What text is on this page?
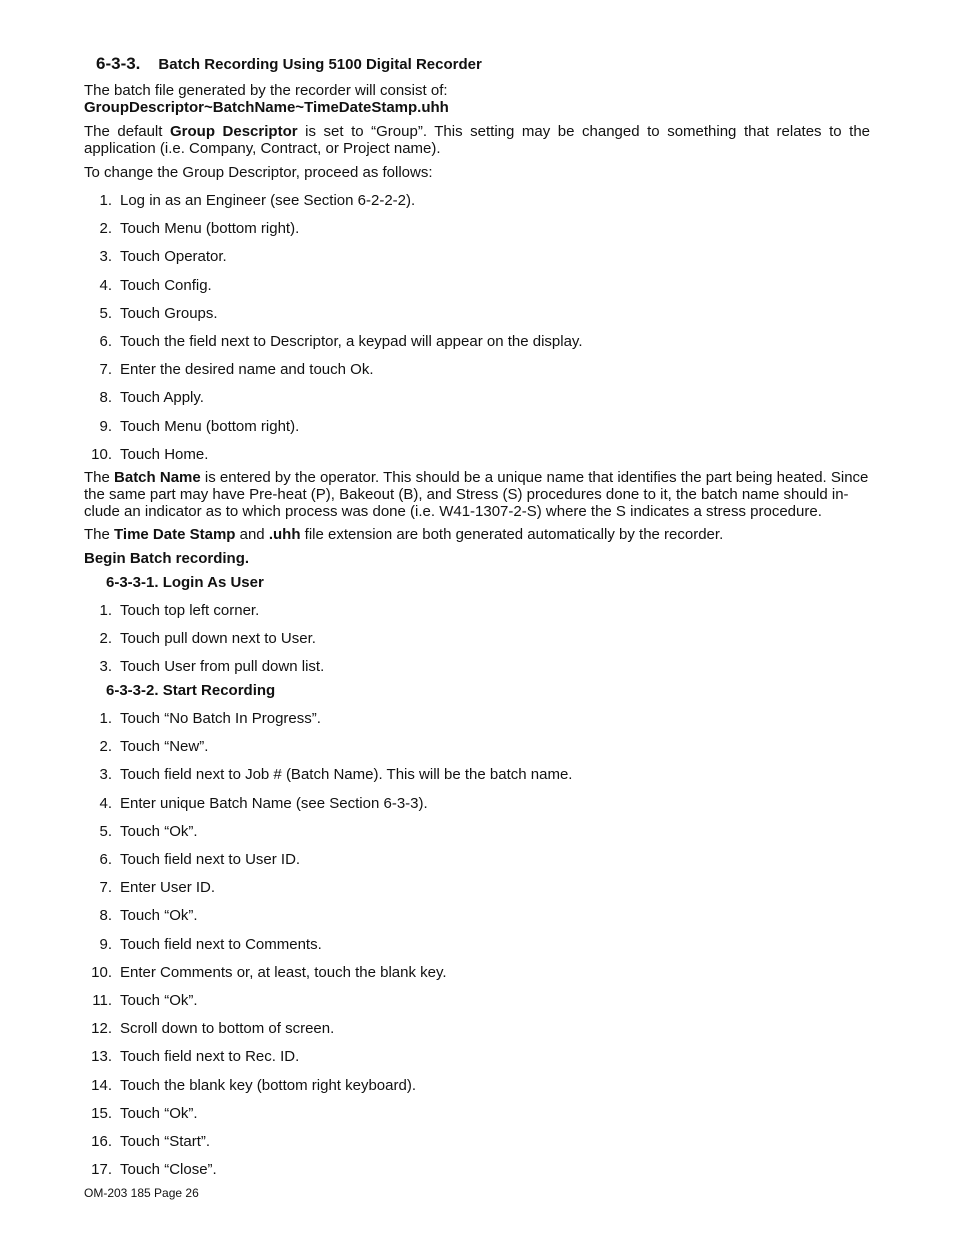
6-3-3. Batch Recording Using 5100 Digital Recorder
The batch file generated by the recorder will consist of:
GroupDescriptor~BatchName~TimeDateStamp.uhh
The default Group Descriptor is set to “Group”. This setting may be changed to something that relates to the application (i.e. Company, Contract, or Project name).
To change the Group Descriptor, proceed as follows:
1. Log in as an Engineer (see Section 6-2-2-2).
2. Touch Menu (bottom right).
3. Touch Operator.
4. Touch Config.
5. Touch Groups.
6. Touch the field next to Descriptor, a keypad will appear on the display.
7. Enter the desired name and touch Ok.
8. Touch Apply.
9. Touch Menu (bottom right).
10. Touch Home.
The Batch Name is entered by the operator. This should be a unique name that identifies the part being heated. Since
the same part may have Pre-heat (P), Bakeout (B), and Stress (S) procedures done to it, the batch name should in-
clude an indicator as to which process was done (i.e. W41-1307-2-S) where the S indicates a stress procedure.
The Time Date Stamp and .uhh file extension are both generated automatically by the recorder.
Begin Batch recording.
6-3-3-1. Login As User
1. Touch top left corner.
2. Touch pull down next to User.
3. Touch User from pull down list.
6-3-3-2. Start Recording
1. Touch “No Batch In Progress”.
2. Touch “New”.
3. Touch field next to Job # (Batch Name). This will be the batch name.
4. Enter unique Batch Name (see Section 6-3-3).
5. Touch “Ok”.
6. Touch field next to User ID.
7. Enter User ID.
8. Touch “Ok”.
9. Touch field next to Comments.
10. Enter Comments or, at least, touch the blank key.
11. Touch “Ok”.
12. Scroll down to bottom of screen.
13. Touch field next to Rec. ID.
14. Touch the blank key (bottom right keyboard).
15. Touch “Ok”.
16. Touch “Start”.
17. Touch “Close”.
OM-203 185 Page 26
